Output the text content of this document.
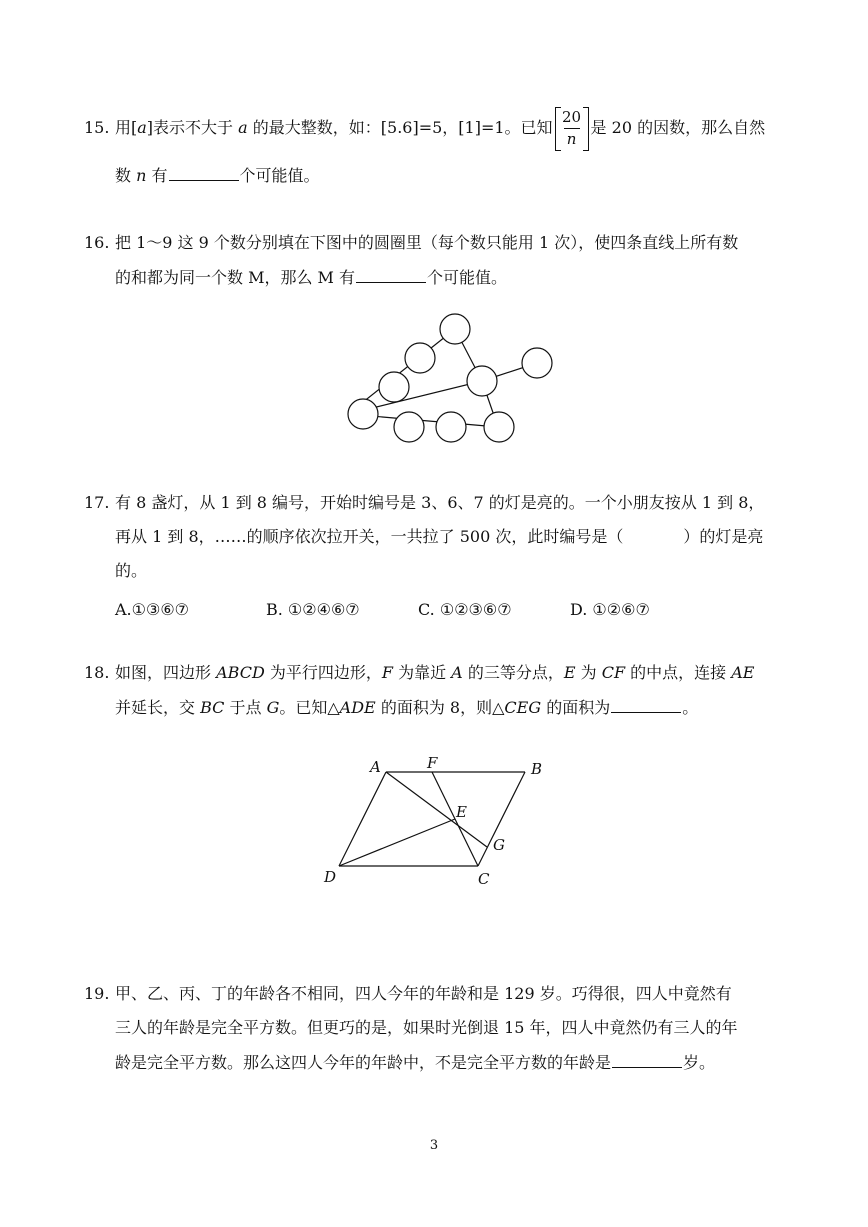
15. 用[a]表示不大于 a 的最大整数，如：[5.6]=5，[1]=1。已知 $\frac{20}{n}$ 是 20 的因数，那么自然
数 n 有	个可能值。
16. 把 1～9 这 9 个数分别填在下图中的圆圈里（每个数只能用 1 次），使四条直线上所有数
的和都为同一个数 M，那么 M 有	个可能值。
17. 有 8 盏灯，从 1 到 8 编号，开始时编号是 3、6、7 的灯是亮的。一个小朋友按从 1 到 8，
再从 1 到 8，……的顺序依次拉开关，一共拉了 500 次，此时编号是（	）的灯是亮
的。
A.①③⑥⑦	B. ①②④⑥⑦	C. ①②③⑥⑦	D. ①②⑥⑦
18. 如图，四边形 ABCD 为平行四边形，F 为靠近 A 的三等分点，E 为 CF 的中点，连接 AE
并延长，交 BC 于点 G。已知△ADE 的面积为 8，则△CEG 的面积为	。
A	F	B
E
G
D	C
19. 甲、乙、丙、丁的年龄各不相同，四人今年的年龄和是 129 岁。巧得很，四人中竟然有
三人的年龄是完全平方数。但更巧的是，如果时光倒退 15 年，四人中竟然仍有三人的年
龄是完全平方数。那么这四人今年的年龄中，不是完全平方数的年龄是	岁。
3
